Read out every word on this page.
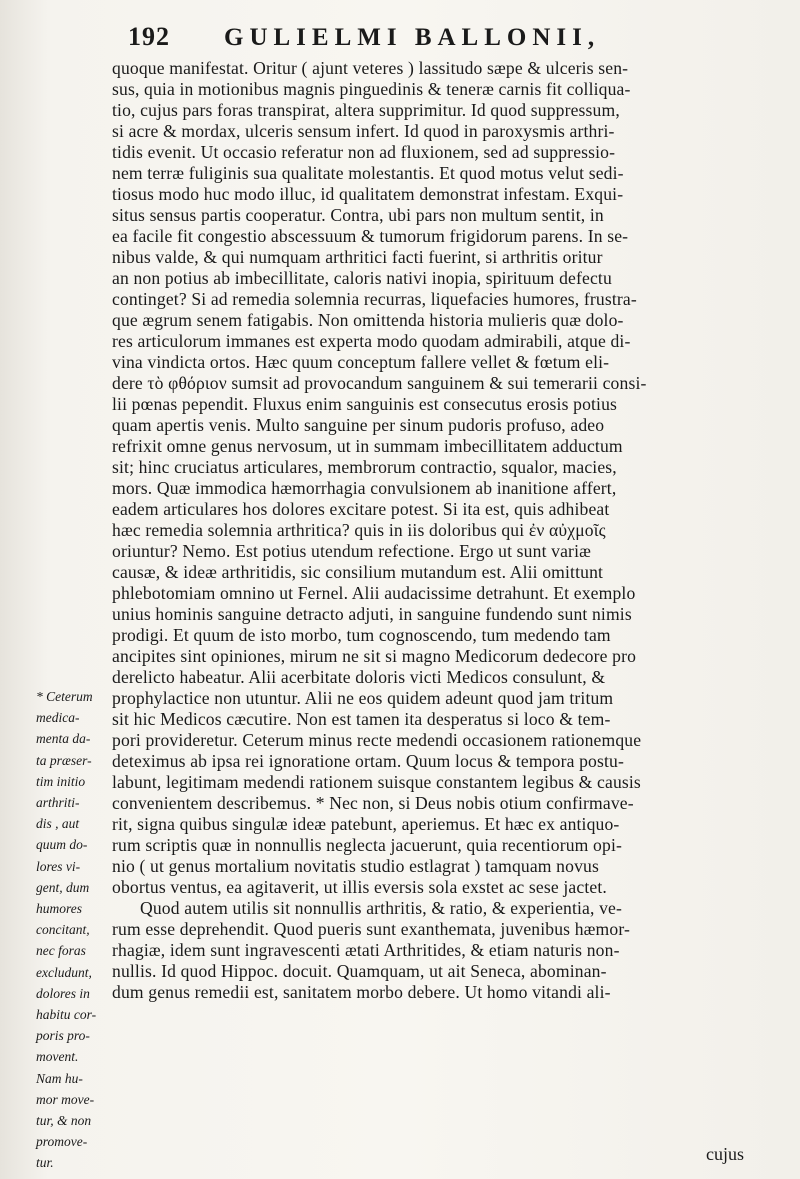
192 GULIELMI BALLONII,
quoque manifestat. Oritur ( ajunt veteres ) lassitudo sæpe & ulceris sen-
sus, quia in motionibus magnis pinguedinis & teneræ carnis fit colliqua-
tio, cujus pars foras transpirat, altera supprimitur. Id quod suppressum,
si acre & mordax, ulceris sensum infert. Id quod in paroxysmis arthri-
tidis evenit. Ut occasio referatur non ad fluxionem, sed ad suppressio-
nem terræ fuliginis sua qualitate molestantis. Et quod motus velut sedi-
tiosus modo huc modo illuc, id qualitatem demonstrat infestam. Exqui-
situs sensus partis cooperatur. Contra, ubi pars non multum sentit, in
ea facile fit congestio abscessuum & tumorum frigidorum parens. In se-
nibus valde, & qui numquam arthritici facti fuerint, si arthritis oritur
an non potius ab imbecillitate, caloris nativi inopia, spirituum defectu
continget? Si ad remedia solemnia recurras, liquefacies humores, frustra-
que ægrum senem fatigabis. Non omittenda historia mulieris quæ dolo-
res articulorum immanes est experta modo quodam admirabili, atque di-
vina vindicta ortos. Hæc quum conceptum fallere vellet & fœtum eli-
dere τὸ φθόριον sumsit ad provocandum sanguinem & sui temerarii consi-
lii pœnas pependit. Fluxus enim sanguinis est consecutus erosis potius
quam apertis venis. Multo sanguine per sinum pudoris profuso, adeo
refrixit omne genus nervosum, ut in summam imbecillitatem adductum
sit; hinc cruciatus articulares, membrorum contractio, squalor, macies,
mors. Quæ immodica hæmorrhagia convulsionem ab inanitione affert,
eadem articulares hos dolores excitare potest. Si ita est, quis adhibeat
hæc remedia solemnia arthritica? quis in iis doloribus qui ἐν αὐχμοῖς
oriuntur? Nemo. Est potius utendum refectione. Ergo ut sunt variæ
causæ, & ideæ arthritidis, sic consilium mutandum est. Alii omittunt
phlebotomiam omnino ut Fernel. Alii audacissime detrahunt. Et exemplo
unius hominis sanguine detracto adjuti, in sanguine fundendo sunt nimis
prodigi. Et quum de isto morbo, tum cognoscendo, tum medendo tam
ancipites sint opiniones, mirum ne sit si magno Medicorum dedecore pro
derelicto habeatur. Alii acerbitate doloris victi Medicos consulunt, &
prophylactice non utuntur. Alii ne eos quidem adeunt quod jam tritum
sit hic Medicos cæcutire. Non est tamen ita desperatus si loco & tem-
pori provideretur. Ceterum minus recte medendi occasionem rationemque
deteximus ab ipsa rei ignoratione ortam. Quum locus & tempora postu-
labunt, legitimam medendi rationem suisque constantem legibus & causis
convenientem describemus. * Nec non, si Deus nobis otium confirmave-
rit, signa quibus singulæ ideæ patebunt, aperiemus. Et hæc ex antiquo-
rum scriptis quæ in nonnullis neglecta jacuerunt, quia recentiorum opi-
nio ( ut genus mortalium novitatis studio estlagrat ) tamquam novus
obortus ventus, ea agitaverit, ut illis eversis sola exstet ac sese jactet.
Quod autem utilis sit nonnullis arthritis, & ratio, & experientia, ve-
rum esse deprehendit. Quod pueris sunt exanthemata, juvenibus hæmor-
rhagiæ, idem sunt ingravescenti ætati Arthritides, & etiam naturis non-
nullis. Id quod Hippoc. docuit. Quamquam, ut ait Seneca, abominan-
dum genus remedii est, sanitatem morbo debere. Ut homo vitandi ali-
* Ceterum
medica-
menta da-
ta præser-
tim initio
arthriti-
dis , aut
quum do-
lores vi-
gent, dum
humores
concitant,
nec foras
excludunt,
dolores in
habitu cor-
poris pro-
movent.
Nam hu-
mor move-
tur, & non
promove-
tur.	cujus
